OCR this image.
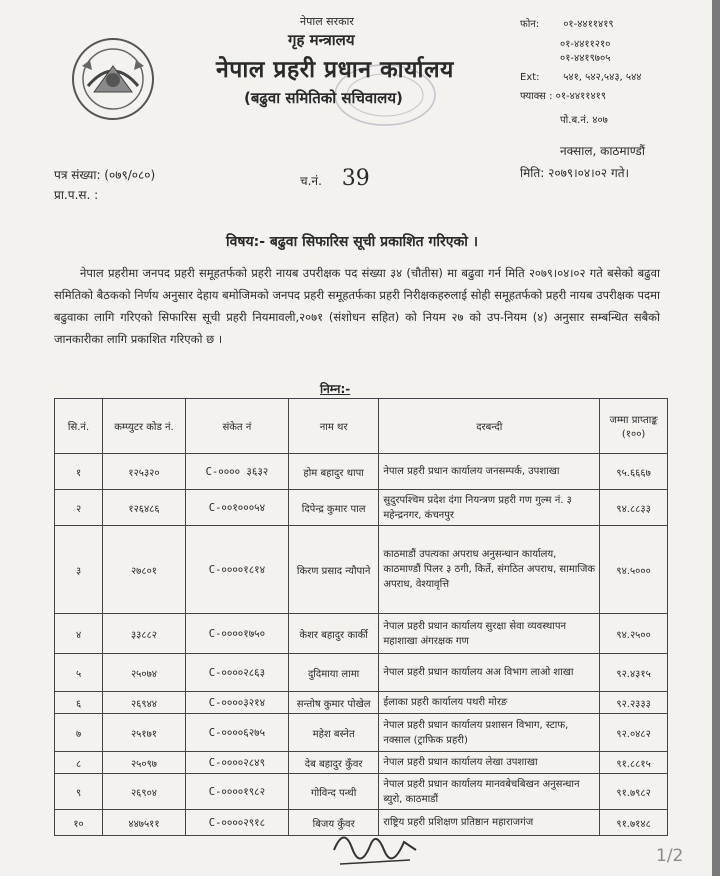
नेपाल सरकार
गृह मन्त्रालय
नेपाल प्रहरी प्रधान कार्यालय
(बढुवा समितिको सचिवालय)
फोन: ०१-४४११४१९
०१-४४११२१०
०१-४४१९७०५
Ext: ५४१, ५४२,५४३, ५४४
फ्याक्स : ०१-४४११४१९
पो.ब.नं. ४०७
नक्साल, काठमाण्डौं
मिति: २०७९।०४।०२ गते।
पत्र संख्या: (०७९/०८०)
प्रा.प.स. :
च.नं. 39
विषय:- बढुवा सिफारिस सूची प्रकाशित गरिएको ।
नेपाल प्रहरीमा जनपद प्रहरी समूहतर्फको प्रहरी नायब उपरीक्षक पद संख्या ३४ (चौतीस) मा बढुवा गर्न मिति २०७९।०४।०२ गते बसेको बढुवा समितिको बैठकको निर्णय अनुसार देहाय बमोजिमको जनपद प्रहरी समूहतर्फका प्रहरी निरीक्षकहरुलाई सोही समूहतर्फको प्रहरी नायब उपरीक्षक पदमा बढुवाका लागि गरिएको सिफारिस सूची प्रहरी नियमावली,२०७१ (संशोधन सहित) को नियम २७ को उप-नियम (४) अनुसार सम्बन्धित सबैको जानकारीका लागि प्रकाशित गरिएको छ ।
निम्न:-
सि.नं.	कम्प्युटर कोड नं.	संकेत नं	नाम थर	दरबन्दी	जम्मा प्राप्ताङ्क (१००)
१	१२५३२०	C-०००० ३६३२	होम बहादुर थापा	नेपाल प्रहरी प्रधान कार्यालय जनसम्पर्क, उपशाखा	९५.६६६७
२	१२६४८६	C-००१०००५४	दिपेन्द्र कुमार पाल	सुदुरपश्चिम प्रदेश दंगा नियन्त्रण प्रहरी गण गुल्म नं. ३ महेन्द्रनगर, कंचनपुर	९४.८८३३
३	२७८०१	C-००००१८१४	किरण प्रसाद न्यौपाने	काठमाडौं उपत्यका अपराध अनुसन्धान कार्यालय, काठमाण्डौं पिलर ३ ठगी, किर्ते, संगठित अपराध, सामाजिक अपराध, वेश्यावृत्ति	९४.५०००
४	३३८८२	C-००००१७५०	केशर बहादुर कार्की	नेपाल प्रहरी प्रधान कार्यालय सुरक्षा सेवा व्यवस्थापन महाशाखा अंगरक्षक गण	९४.२५००
५	२५०७४	C-००००२८६३	दुदिमाया लामा	नेपाल प्रहरी प्रधान कार्यालय अअ विभाग लाओ शाखा	९२.४३१५
६	२६९४४	C-००००३२१४	सन्तोष कुमार पोखेल	ईलाका प्रहरी कार्यालय पथरी मोरङ	९२.२३३३
७	२५१७१	C-००००६२७५	महेश बस्नेत	नेपाल प्रहरी प्रधान कार्यालय प्रशासन विभाग, स्टाफ, नक्साल (ट्राफिक प्रहरी)	९२.०४८२
८	२५०९७	C-००००२८४९	देब बहादुर कुँवर	नेपाल प्रहरी प्रधान कार्यालय लेखा उपशाखा	९१.८८१५
९	२६९०४	C-००००१९८२	गोविन्द पन्थी	नेपाल प्रहरी प्रधान कार्यालय मानवबेचबिखन अनुसन्धान ब्युरो, काठमाडौं	९१.७९८२
१०	४४७५११	C-००००२९१८	बिजय कुँवर	राष्ट्रिय प्रहरी प्रशिक्षण प्रतिष्ठान महाराजगंज	९१.७१४८
1/2
